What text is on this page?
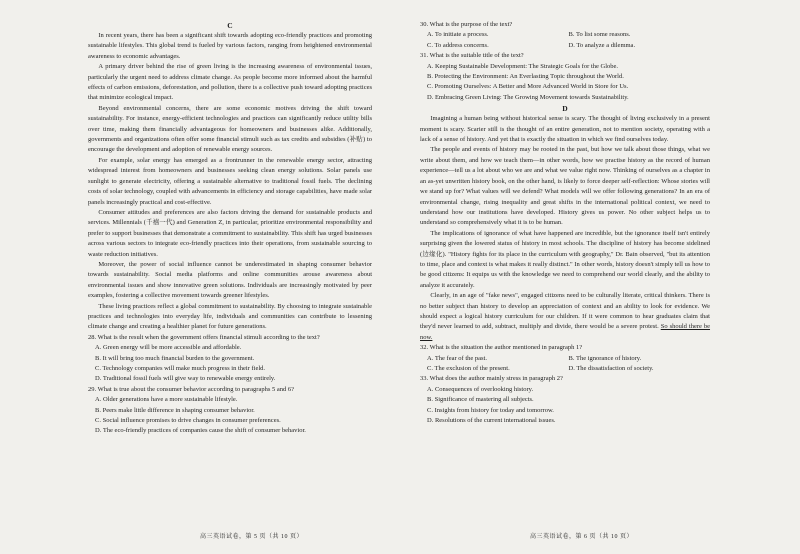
C

In recent years, there has been a significant shift towards adopting eco-friendly practices and promoting sustainable lifestyles. This global trend is fueled by various factors, ranging from heightened environmental awareness to economic advantages.

A primary driver behind the rise of green living is the increasing awareness of environmental issues, particularly the urgent need to address climate change. As people become more informed about the harmful effects of carbon emissions, deforestation, and pollution, there is a collective push toward adopting practices that minimize ecological impact.

Beyond environmental concerns, there are some economic motives driving the shift toward sustainability. For instance, energy-efficient technologies and practices can significantly reduce utility bills over time, making them financially advantageous for homeowners and businesses alike. Additionally, governments and organizations often offer some financial stimuli such as tax credits and subsidies (补贴) to encourage the development and adoption of renewable energy sources.

For example, solar energy has emerged as a frontrunner in the renewable energy sector, attracting widespread interest from homeowners and businesses seeking clean energy solutions. Solar panels use sunlight to generate electricity, offering a sustainable alternative to traditional fossil fuels. The declining costs of solar technology, coupled with advancements in efficiency and storage capabilities, have made solar panels increasingly practical and cost-effective.

Consumer attitudes and preferences are also factors driving the demand for sustainable products and services. Millennials (千禧一代) and Generation Z, in particular, prioritize environmental responsibility and prefer to support businesses that demonstrate a commitment to sustainability. This shift has urged businesses across various sectors to integrate eco-friendly practices into their operations, from sustainable sourcing to waste reduction initiatives.

Moreover, the power of social influence cannot be underestimated in shaping consumer behavior towards sustainability. Social media platforms and online communities arouse awareness about environmental issues and show innovative green solutions. Individuals are increasingly motivated by peer examples, fostering a collective movement towards greener lifestyles.

These living practices reflect a global commitment to sustainability. By choosing to integrate sustainable practices and technologies into everyday life, individuals and communities can contribute to lessening climate change and creating a healthier planet for future generations.

28. What is the result when the government offers financial stimuli according to the text?

A. Green energy will be more accessible and affordable.

B. It will bring too much financial burden to the government.

C. Technology companies will make much progress in their field.

D. Traditional fossil fuels will give way to renewable energy entirely.

29. What is true about the consumer behavior according to paragraphs 5 and 6?

A. Older generations have a more sustainable lifestyle.

B. Peers make little difference in shaping consumer behavior.

C. Social influence promises to drive changes in consumer preferences.

D. The eco-friendly practices of companies cause the shift of consumer behavior.

30. What is the purpose of the text?

A. To initiate a process.	B. To list some reasons.
C. To address concerns.	D. To analyze a dilemma.

31. What is the suitable title of the text?

A. Keeping Sustainable Development: The Strategic Goals for the Globe.

B. Protecting the Environment: An Everlasting Topic throughout the World.

C. Promoting Ourselves: A Better and More Advanced World in Store for Us.

D. Embracing Green Living: The Growing Movement towards Sustainability.

D

Imagining a human being without historical sense is scary. The thought of living exclusively in a present moment is scary. Scarier still is the thought of an entire generation, not to mention society, operating with a lack of a sense of history. And yet that is exactly the situation in which we find ourselves today.

The people and events of history may be rooted in the past, but how we talk about those things, what we write about them, and how we teach them—in other words, how we practise history as the record of human experience—tell us a lot about who we are and what we value right now. Thinking of ourselves as a chapter in an as-yet unwritten history book, on the other hand, is likely to force deeper self-reflection: Whose stories will we stand up for? What values will we defend? What models will we offer following generations? In an era of environmental change, rising inequality and great shifts in the international political context, we need to understand how our institutions have developed. History gives us power. No other subject helps us to understand so comprehensively what it is to be human.

The implications of ignorance of what have happened are incredible, but the ignorance itself isn't entirely surprising given the lowered status of history in most schools. The discipline of history has become sidelined (边缘化). "History fights for its place in the curriculum with geography," Dr. Bain observed, "but its attention to time, place and context is what makes it really distinct." In other words, history doesn't simply tell us how to be good citizens: It equips us with the knowledge we need to comprehend our world clearly, and the ability to analyze it accurately.

Clearly, in an age of "fake news", engaged citizens need to be culturally literate, critical thinkers. There is no better subject than history to develop an appreciation of context and an ability to look for evidence. We should expect a logical history curriculum for our children. If it were common to hear graduates claim that they'd never learned to add, subtract, multiply and divide, there would be a severe protest. So should there be now.

32. What is the situation the author mentioned in paragraph 1?

A. The fear of the past.	B. The ignorance of history.
C. The exclusion of the present.	D. The dissatisfaction of society.

33. What does the author mainly stress in paragraph 2?

A. Consequences of overlooking history.

B. Significance of mastering all subjects.

C. Insights from history for today and tomorrow.

D. Resolutions of the current international issues.

高三英语试卷，第 5 页（共 10 页）	高三英语试卷，第 6 页（共 10 页）
